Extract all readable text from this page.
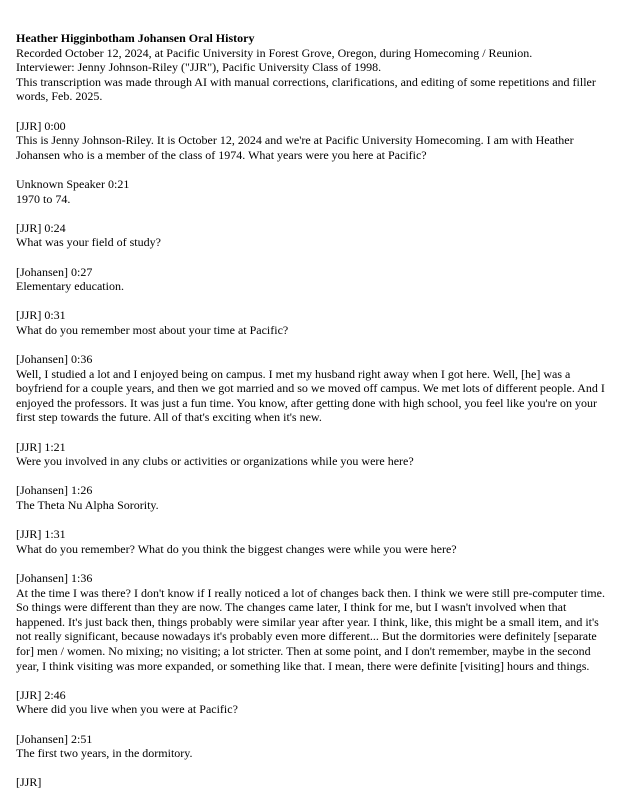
Heather Higginbotham Johansen Oral History

Recorded October 12, 2024, at Pacific University in Forest Grove, Oregon, during Homecoming / Reunion.

Interviewer: Jenny Johnson-Riley ("JJR"), Pacific University Class of 1998.

This transcription was made through AI with manual corrections, clarifications, and editing of some repetitions and filler words, Feb. 2025.

[JJR] 0:00

This is Jenny Johnson-Riley. It is October 12, 2024 and we're at Pacific University Homecoming. I am with Heather Johansen who is a member of the class of 1974. What years were you here at Pacific?

Unknown Speaker 0:21

1970 to 74.

[JJR] 0:24

What was your field of study?

[Johansen] 0:27

Elementary education.

[JJR] 0:31

What do you remember most about your time at Pacific?

[Johansen] 0:36

Well, I studied a lot and I enjoyed being on campus. I met my husband right away when I got here. Well, [he] was a boyfriend for a couple years, and then we got married and so we moved off campus. We met lots of different people. And I enjoyed the professors. It was just a fun time. You know, after getting done with high school, you feel like you're on your first step towards the future. All of that's exciting when it's new.

[JJR] 1:21

Were you involved in any clubs or activities or organizations while you were here?

[Johansen] 1:26

The Theta Nu Alpha Sorority.

[JJR] 1:31

What do you remember? What do you think the biggest changes were while you were here?

[Johansen] 1:36

At the time I was there? I don't know if I really noticed a lot of changes back then. I think we were still pre-computer time. So things were different than they are now. The changes came later, I think for me, but I wasn't involved when that happened. It's just back then, things probably were similar year after year. I think, like, this might be a small item, and it's not really significant, because nowadays it's probably even more different... But the dormitories were definitely [separate for] men / women. No mixing; no visiting; a lot stricter. Then at some point, and I don't remember, maybe in the second year, I think visiting was more expanded, or something like that. I mean, there were definite [visiting] hours and things.

[JJR] 2:46

Where did you live when you were at Pacific?

[Johansen] 2:51

The first two years, in the dormitory.

[JJR]
